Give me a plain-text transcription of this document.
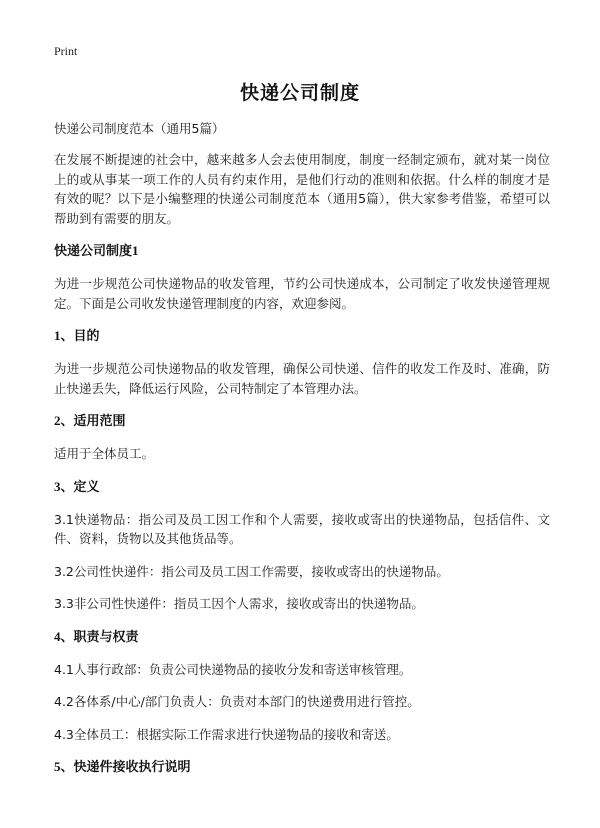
Print
快递公司制度
快递公司制度范本（通用5篇）

在发展不断提速的社会中，越来越多人会去使用制度，制度一经制定颁布，就对某一岗位上的或从事某一项工作的人员有约束作用，是他们行动的准则和依据。什么样的制度才是有效的呢？以下是小编整理的快递公司制度范本（通用5篇），供大家参考借鉴，希望可以帮助到有需要的朋友。

快递公司制度1

为进一步规范公司快递物品的收发管理，节约公司快递成本，公司制定了收发快递管理规定。下面是公司收发快递管理制度的内容，欢迎参阅。

1、目的

为进一步规范公司快递物品的收发管理，确保公司快递、信件的收发工作及时、准确，防止快递丢失，降低运行风险，公司特制定了本管理办法。

2、适用范围

适用于全体员工。

3、定义

3.1快递物品：指公司及员工因工作和个人需要，接收或寄出的快递物品，包括信件、文件、资料，货物以及其他货品等。

3.2公司性快递件：指公司及员工因工作需要，接收或寄出的快递物品。

3.3非公司性快递件：指员工因个人需求，接收或寄出的快递物品。

4、职责与权责

4.1人事行政部：负责公司快递物品的接收分发和寄送审核管理。

4.2各体系/中心/部门负责人：负责对本部门的快递费用进行管控。

4.3全体员工：根据实际工作需求进行快递物品的接收和寄送。

5、快递件接收执行说明
